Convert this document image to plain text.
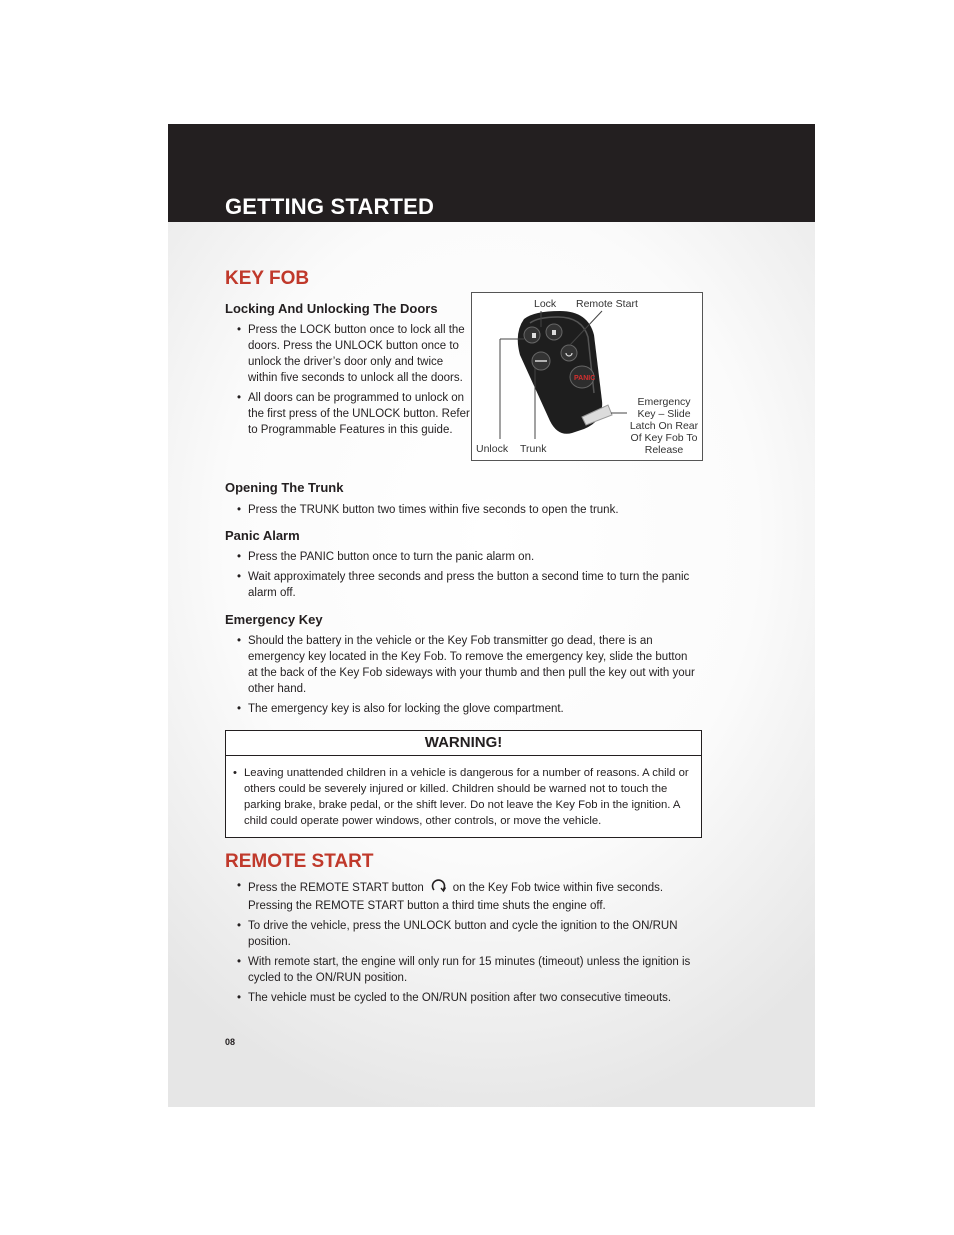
GETTING STARTED
KEY FOB
Locking And Unlocking The Doors
• Press the LOCK button once to lock all the doors. Press the UNLOCK button once to unlock the driver’s door only and twice within five seconds to unlock all the doors.
• All doors can be programmed to unlock on the first press of the UNLOCK button. Refer to Programmable Features in this guide.
PANIC
Lock Remote Start
Unlock Trunk
Emergency Key – Slide Latch On Rear Of Key Fob To Release
Opening The Trunk
• Press the TRUNK button two times within five seconds to open the trunk.
Panic Alarm
• Press the PANIC button once to turn the panic alarm on.
• Wait approximately three seconds and press the button a second time to turn the panic alarm off.
Emergency Key
• Should the battery in the vehicle or the Key Fob transmitter go dead, there is an emergency key located in the Key Fob. To remove the emergency key, slide the button at the back of the Key Fob sideways with your thumb and then pull the key out with your other hand.
• The emergency key is also for locking the glove compartment.
WARNING!
• Leaving unattended children in a vehicle is dangerous for a number of reasons. A child or others could be severely injured or killed. Children should be warned not to touch the parking brake, brake pedal, or the shift lever. Do not leave the Key Fob in the ignition. A child could operate power windows, other controls, or move the vehicle.
REMOTE START
• Press the REMOTE START button	on the Key Fob twice within five seconds. Pressing the REMOTE START button a third time shuts the engine off.
• To drive the vehicle, press the UNLOCK button and cycle the ignition to the ON/RUN position.
• With remote start, the engine will only run for 15 minutes (timeout) unless the ignition is cycled to the ON/RUN position.
• The vehicle must be cycled to the ON/RUN position after two consecutive timeouts.
08
